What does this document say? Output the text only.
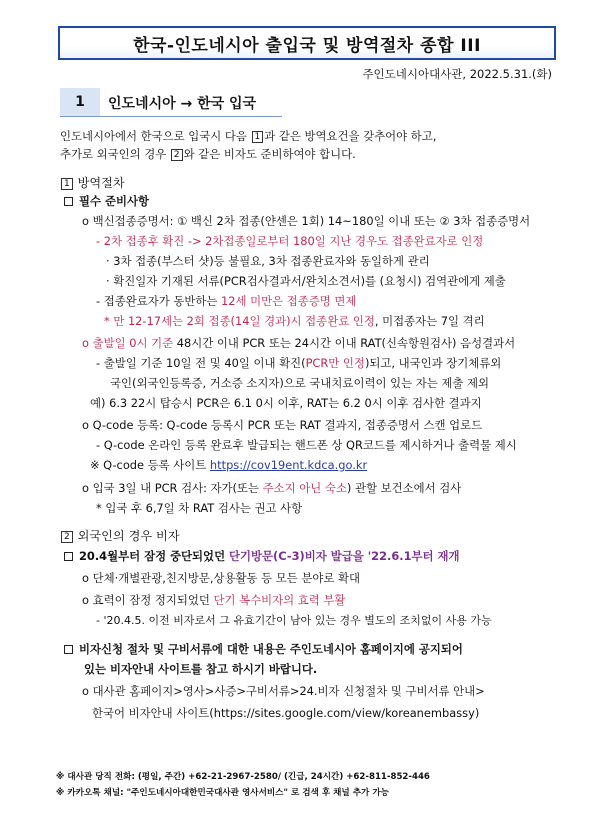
한국-인도네시아 출입국 및 방역절차 종합 III
주인도네시아대사관, 2022.5.31.(화)
1	인도네시아 → 한국 입국
인도네시아에서 한국으로 입국시 다음 1 과 같은 방역요건을 갖추어야 하고,
추가로 외국인의 경우 2 와 같은 비자도 준비하여야 합니다.
1 방역절차
필수 준비사항
o 백신접종증명서: ① 백신 2차 접종(얀센은 1회) 14~180일 이내 또는 ② 3차 접종증명서
- 2차 접종후 확진 -> 2차접종일로부터 180일 지난 경우도 접종완료자로 인정
· 3차 접종(부스터 샷)등 불필요, 3차 접종완료자와 동일하게 관리
· 확진일자 기재된 서류(PCR검사결과서/완치소견서)를 (요청시) 검역관에게 제출
- 접종완료자가 동반하는 12세 미만은 접종증명 면제
* 만 12-17세는 2회 접종(14일 경과)시 접종완료 인정, 미접종자는 7일 격리
o 출발일 0시 기준 48시간 이내 PCR 또는 24시간 이내 RAT(신속항원검사) 음성결과서
- 출발일 기준 10일 전 및 40일 이내 확진(PCR만 인정)되고, 내국인과 장기체류외
국인(외국인등록증, 거소증 소지자)으로 국내치료이력이 있는 자는 제출 제외
예) 6.3 22시 탑승시 PCR은 6.1 0시 이후, RAT는 6.2 0시 이후 검사한 결과지
o Q-code 등록: Q-code 등록시 PCR 또는 RAT 결과지, 접종증명서 스캔 업로드
- Q-code 온라인 등록 완료후 발급되는 핸드폰 상 QR코드를 제시하거나 출력물 제시
※ Q-code 등록 사이트 https://cov19ent.kdca.go.kr
o 입국 3일 내 PCR 검사: 자가(또는 주소지 아닌 숙소) 관할 보건소에서 검사
* 입국 후 6,7일 차 RAT 검사는 권고 사항
2 외국인의 경우 비자
20.4월부터 잠정 중단되었던 단기방문(C-3)비자 발급을 '22.6.1부터 재개
o 단체·개별관광,친지방문,상용활동 등 모든 분야로 확대
o 효력이 잠정 정지되었던 단기 복수비자의 효력 부활
- '20.4.5. 이전 비자로서 그 유효기간이 남아 있는 경우 별도의 조치없이 사용 가능
비자신청 절차 및 구비서류에 대한 내용은 주인도네시아 홈페이지에 공지되어
있는 비자안내 사이트를 참고 하시기 바랍니다.
o 대사관 홈페이지>영사>사증>구비서류>24.비자 신청절차 및 구비서류 안내>
한국어 비자안내 사이트(https://sites.google.com/view/koreanembassy)
※ 대사관 당직 전화: (평일, 주간) +62-21-2967-2580/ (긴급, 24시간) +62-811-852-446
※ 카카오톡 채널: "주인도네시아대한민국대사관 영사서비스" 로 검색 후 채널 추가 가능
